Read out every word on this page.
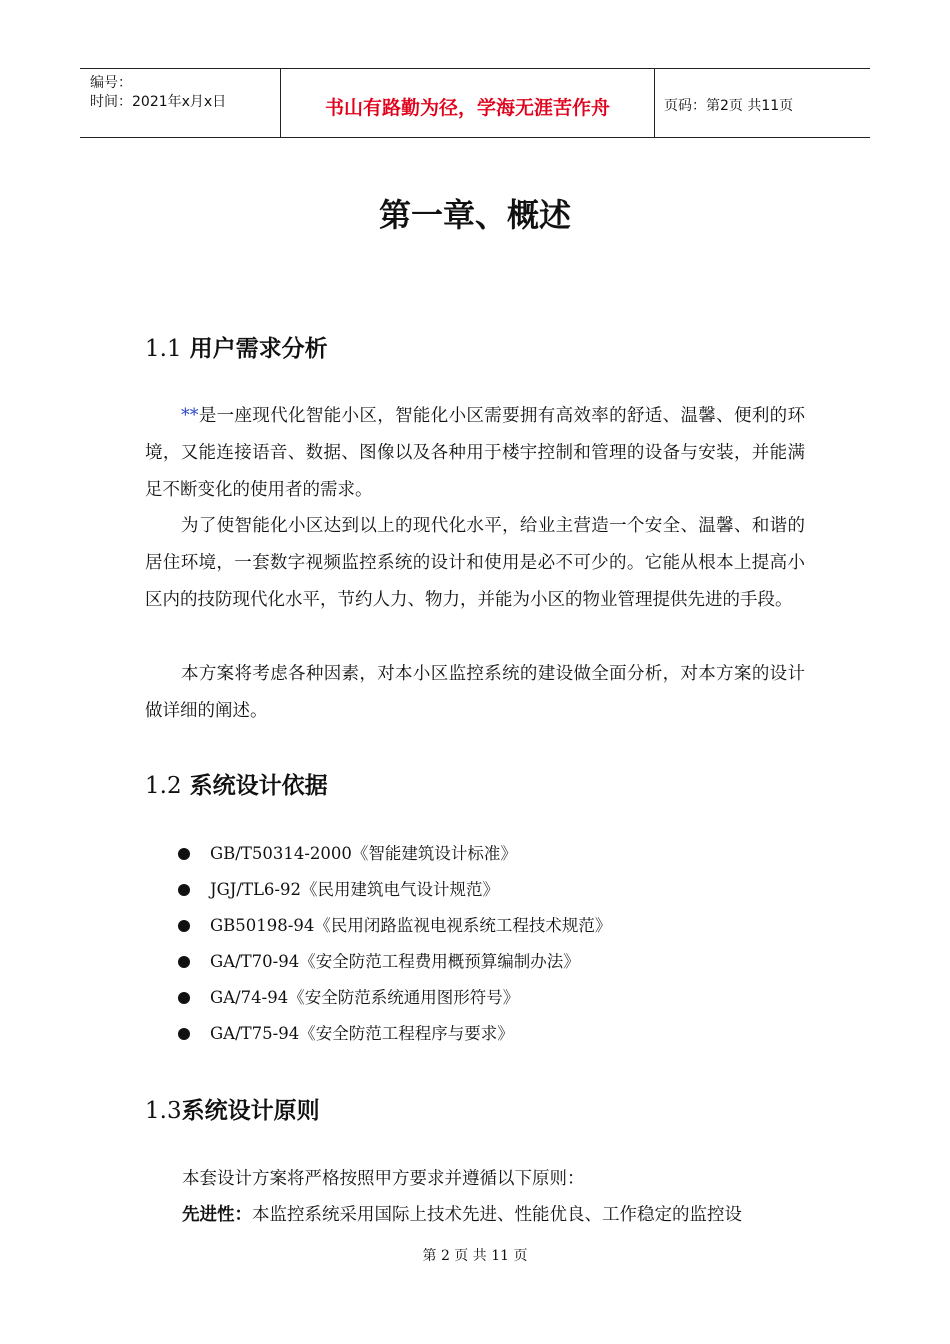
编号：
时间：2021年x月x日	书山有路勤为径，学海无涯苦作舟	页码：第2页 共11页
第一章、概述
1.1 用户需求分析
**是一座现代化智能小区，智能化小区需要拥有高效率的舒适、温馨、便利的环境，又能连接语音、数据、图像以及各种用于楼宇控制和管理的设备与安装，并能满足不断变化的使用者的需求。
为了使智能化小区达到以上的现代化水平，给业主营造一个安全、温馨、和谐的居住环境，一套数字视频监控系统的设计和使用是必不可少的。它能从根本上提高小区内的技防现代化水平，节约人力、物力，并能为小区的物业管理提供先进的手段。
本方案将考虑各种因素，对本小区监控系统的建设做全面分析，对本方案的设计做详细的阐述。
1.2 系统设计依据
GB/T50314-2000《智能建筑设计标准》
JGJ/TL6-92《民用建筑电气设计规范》
GB50198-94《民用闭路监视电视系统工程技术规范》
GA/T70-94《安全防范工程费用概预算编制办法》
GA/74-94《安全防范系统通用图形符号》
GA/T75-94《安全防范工程程序与要求》
1.3系统设计原则
本套设计方案将严格按照甲方要求并遵循以下原则：
先进性：本监控系统采用国际上技术先进、性能优良、工作稳定的监控设
第 2 页 共 11 页
